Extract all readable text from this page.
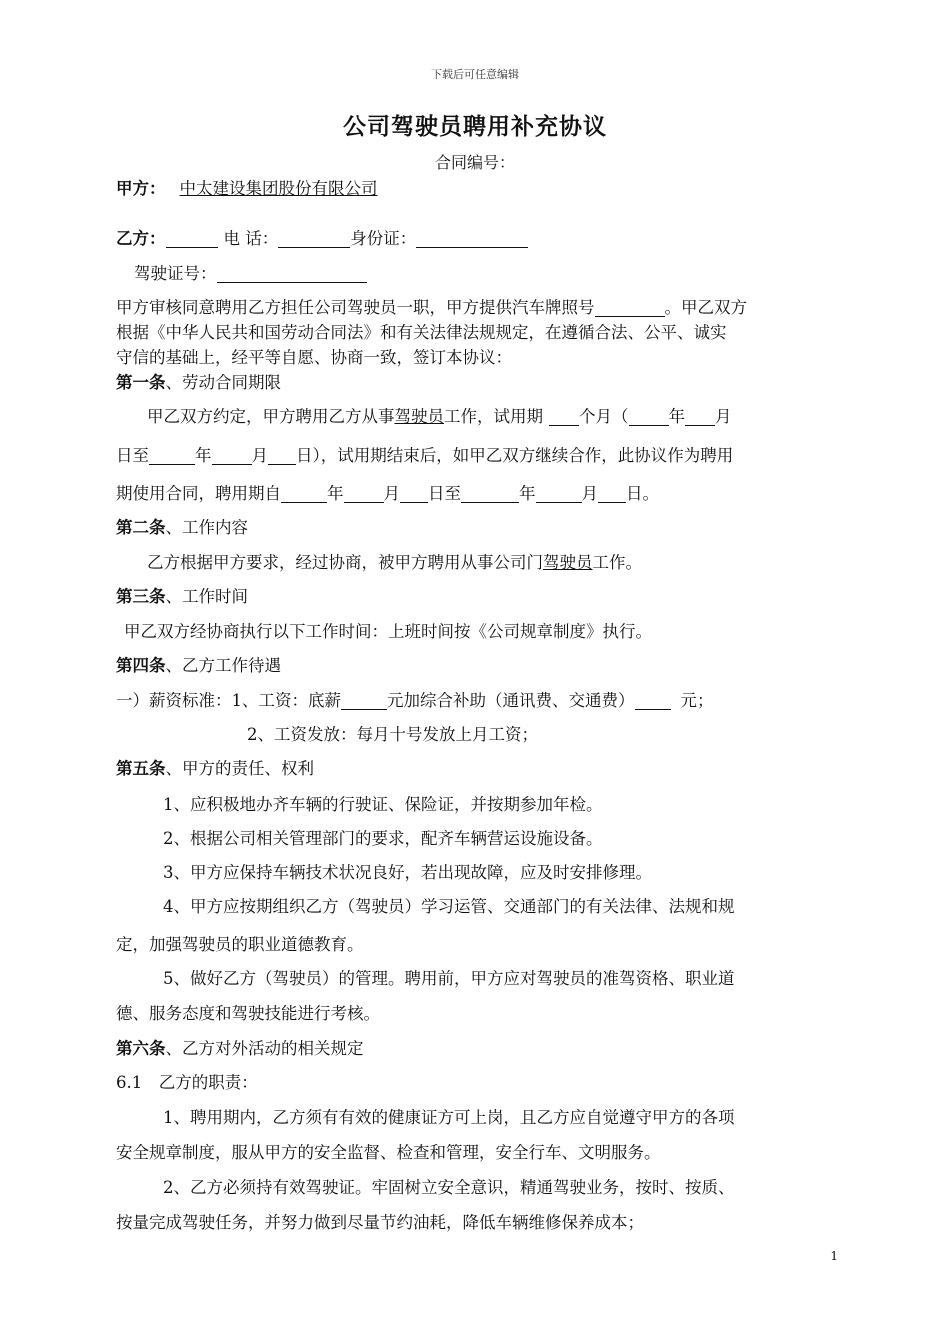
下载后可任意编辑
公司驾驶员聘用补充协议
合同编号：
甲方： 中太建设集团股份有限公司
乙方：	电 话：	身份证：
驾驶证号：
甲方审核同意聘用乙方担任公司驾驶员一职，甲方提供汽车牌照号	。甲乙双方
根据《中华人民共和国劳动合同法》和有关法律法规规定，在遵循合法、公平、诚实
守信的基础上，经平等自愿、协商一致，签订本协议：
第一条、劳动合同期限
甲乙双方约定，甲方聘用乙方从事驾驶员工作，试用期 个月（ 年 月
日至	年 月 日），试用期结束后，如甲乙双方继续合作，此协议作为聘用
期使用合同，聘用期自	年 月 日至	年	月 日。
第二条、工作内容
乙方根据甲方要求，经过协商，被甲方聘用从事公司门驾驶员工作。
第三条、工作时间
甲乙双方经协商执行以下工作时间：上班时间按《公司规章制度》执行。
第四条、乙方工作待遇
一）薪资标准：1、工资：底薪	元加综合补助（通讯费、交通费）	元；
2、工资发放：每月十号发放上月工资；
第五条、甲方的责任、权利
1、应积极地办齐车辆的行驶证、保险证，并按期参加年检。
2、根据公司相关管理部门的要求，配齐车辆营运设施设备。
3、甲方应保持车辆技术状况良好，若出现故障，应及时安排修理。
4、甲方应按期组织乙方（驾驶员）学习运管、交通部门的有关法律、法规和规
定，加强驾驶员的职业道德教育。
5、做好乙方（驾驶员）的管理。聘用前，甲方应对驾驶员的准驾资格、职业道
德、服务态度和驾驶技能进行考核。
第六条、乙方对外活动的相关规定
6.1　乙方的职责：
1、聘用期内，乙方须有有效的健康证方可上岗，且乙方应自觉遵守甲方的各项
安全规章制度，服从甲方的安全监督、检查和管理，安全行车、文明服务。
2、乙方必须持有效驾驶证。牢固树立安全意识，精通驾驶业务，按时、按质、
按量完成驾驶任务，并努力做到尽量节约油耗，降低车辆维修保养成本；
1
